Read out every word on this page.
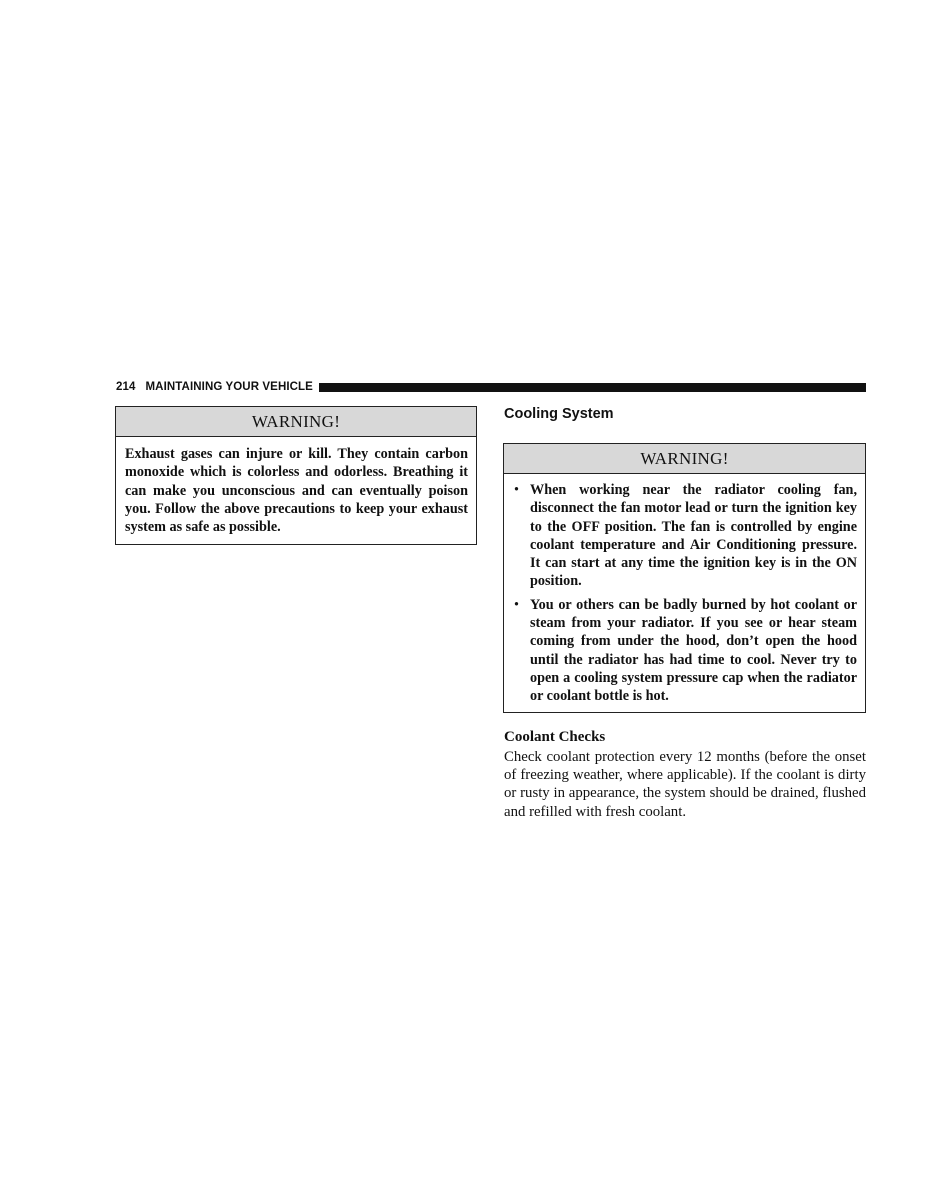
214 MAINTAINING YOUR VEHICLE
WARNING!
Exhaust gases can injure or kill. They contain carbon monoxide which is colorless and odorless. Breathing it can make you unconscious and can eventually poison you. Follow the above precautions to keep your exhaust system as safe as possible.
Cooling System
WARNING!
• When working near the radiator cooling fan, disconnect the fan motor lead or turn the ignition key to the OFF position. The fan is controlled by engine coolant temperature and Air Conditioning pressure. It can start at any time the ignition key is in the ON position.
• You or others can be badly burned by hot coolant or steam from your radiator. If you see or hear steam coming from under the hood, don’t open the hood until the radiator has had time to cool. Never try to open a cooling system pressure cap when the radiator or coolant bottle is hot.
Coolant Checks
Check coolant protection every 12 months (before the onset of freezing weather, where applicable). If the coolant is dirty or rusty in appearance, the system should be drained, flushed and refilled with fresh coolant.
